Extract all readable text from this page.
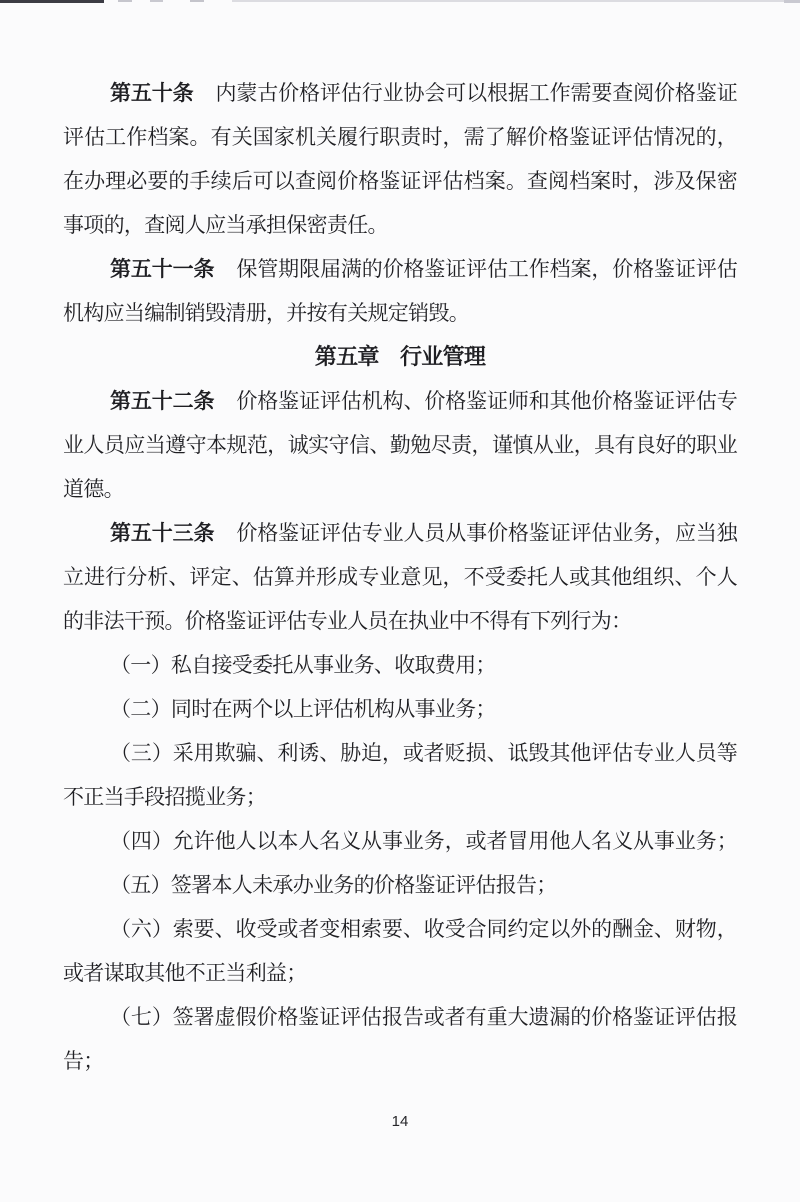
第五十条 内蒙古价格评估行业协会可以根据工作需要查阅价格鉴证
评估工作档案。有关国家机关履行职责时，需了解价格鉴证评估情况的，
在办理必要的手续后可以查阅价格鉴证评估档案。查阅档案时，涉及保密
事项的，查阅人应当承担保密责任。

第五十一条 保管期限届满的价格鉴证评估工作档案，价格鉴证评估
机构应当编制销毁清册，并按有关规定销毁。

第五章　行业管理

第五十二条 价格鉴证评估机构、价格鉴证师和其他价格鉴证评估专
业人员应当遵守本规范，诚实守信、勤勉尽责，谨慎从业，具有良好的职业
道德。

第五十三条 价格鉴证评估专业人员从事价格鉴证评估业务，应当独
立进行分析、评定、估算并形成专业意见，不受委托人或其他组织、个人
的非法干预。价格鉴证评估专业人员在执业中不得有下列行为：

（一）私自接受委托从事业务、收取费用；

（二）同时在两个以上评估机构从事业务；

（三）采用欺骗、利诱、胁迫，或者贬损、诋毁其他评估专业人员等
不正当手段招揽业务；

（四）允许他人以本人名义从事业务，或者冒用他人名义从事业务；

（五）签署本人未承办业务的价格鉴证评估报告；

（六）索要、收受或者变相索要、收受合同约定以外的酬金、财物，
或者谋取其他不正当利益；

（七）签署虚假价格鉴证评估报告或者有重大遗漏的价格鉴证评估报
告；

14
